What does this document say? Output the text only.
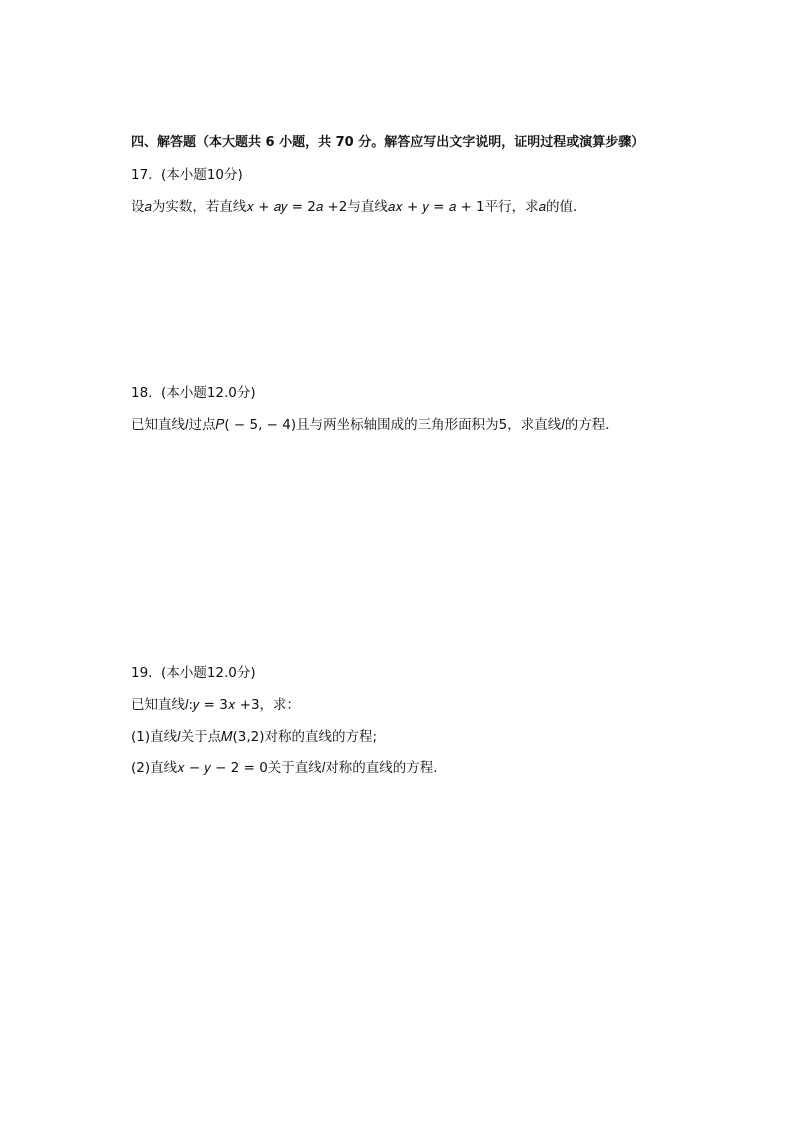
四、解答题（本大题共 6 小题，共 70 分。解答应写出文字说明，证明过程或演算步骤）
17.  (本小题10分)
设𝑎为实数，若直线𝑥 + 𝑎𝑦 = 2𝑎 +2与直线𝑎𝑥 + 𝑦 = 𝑎 + 1平行，求𝑎的值．
18.  (本小题12.0分)
已知直线𝑙过点𝑃( − 5, − 4)且与两坐标轴围成的三角形面积为5，求直线𝑙的方程．
19.  (本小题12.0分)
已知直线𝑙:𝑦 = 3𝑥 +3，求：
(1)直线𝑙关于点𝑀(3,2)对称的直线的方程;
(2)直线𝑥 − 𝑦 − 2 = 0关于直线𝑙对称的直线的方程．
